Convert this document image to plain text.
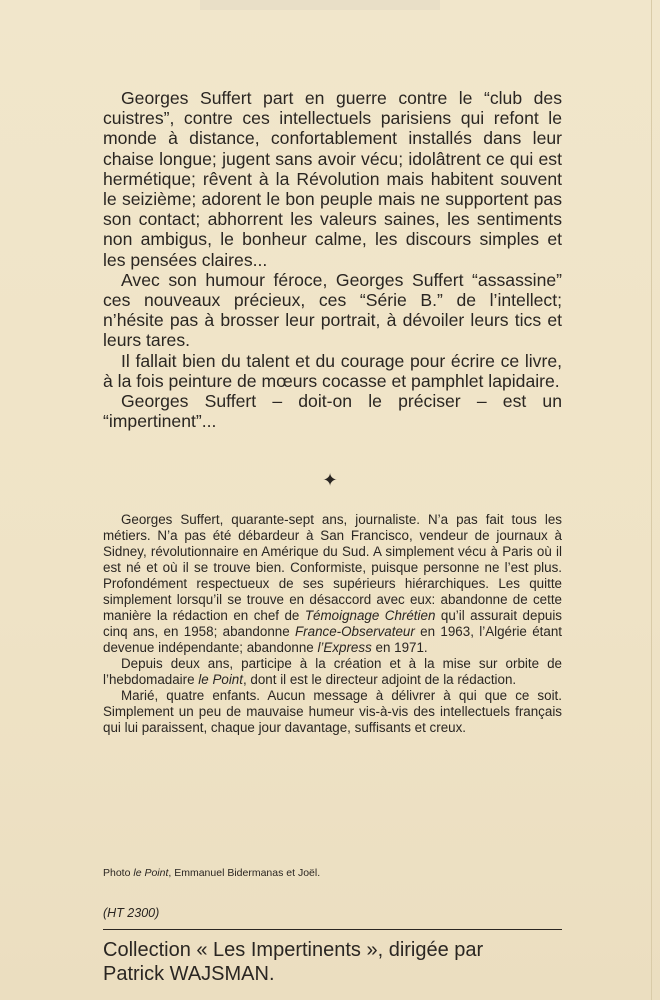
Georges Suffert part en guerre contre le “club des cuistres”, contre ces intellectuels parisiens qui refont le monde à distance, confortablement installés dans leur chaise longue; jugent sans avoir vécu; idolâtrent ce qui est hermétique; rêvent à la Révolution mais habitent souvent le seizième; adorent le bon peuple mais ne supportent pas son contact; abhorrent les valeurs saines, les sentiments non ambigus, le bonheur calme, les discours simples et les pensées claires...

Avec son humour féroce, Georges Suffert “assassine” ces nouveaux précieux, ces “Série B.” de l’intellect; n’hésite pas à brosser leur portrait, à dévoiler leurs tics et leurs tares.

Il fallait bien du talent et du courage pour écrire ce livre, à la fois peinture de mœurs cocasse et pamphlet lapidaire.

Georges Suffert – doit-on le préciser – est un “impertinent”...

✦

Georges Suffert, quarante-sept ans, journaliste. N’a pas fait tous les métiers. N’a pas été débardeur à San Francisco, vendeur de journaux à Sidney, révolutionnaire en Amérique du Sud. A simplement vécu à Paris où il est né et où il se trouve bien. Conformiste, puisque personne ne l’est plus. Profondément respectueux de ses supérieurs hiérarchiques. Les quitte simplement lorsqu’il se trouve en désaccord avec eux: abandonne de cette manière la rédaction en chef de Témoignage Chrétien qu’il assurait depuis cinq ans, en 1958; abandonne France-Observateur en 1963, l’Algérie étant devenue indépendante; abandonne l’Express en 1971.

Depuis deux ans, participe à la création et à la mise sur orbite de l’hebdomadaire le Point, dont il est le directeur adjoint de la rédaction.

Marié, quatre enfants. Aucun message à délivrer à qui que ce soit. Simplement un peu de mauvaise humeur vis-à-vis des intellectuels français qui lui paraissent, chaque jour davantage, suffisants et creux.

Photo le Point, Emmanuel Bidermanas et Joël.
(HT 2300)
Collection « Les Impertinents », dirigée par
Patrick WAJSMAN.
